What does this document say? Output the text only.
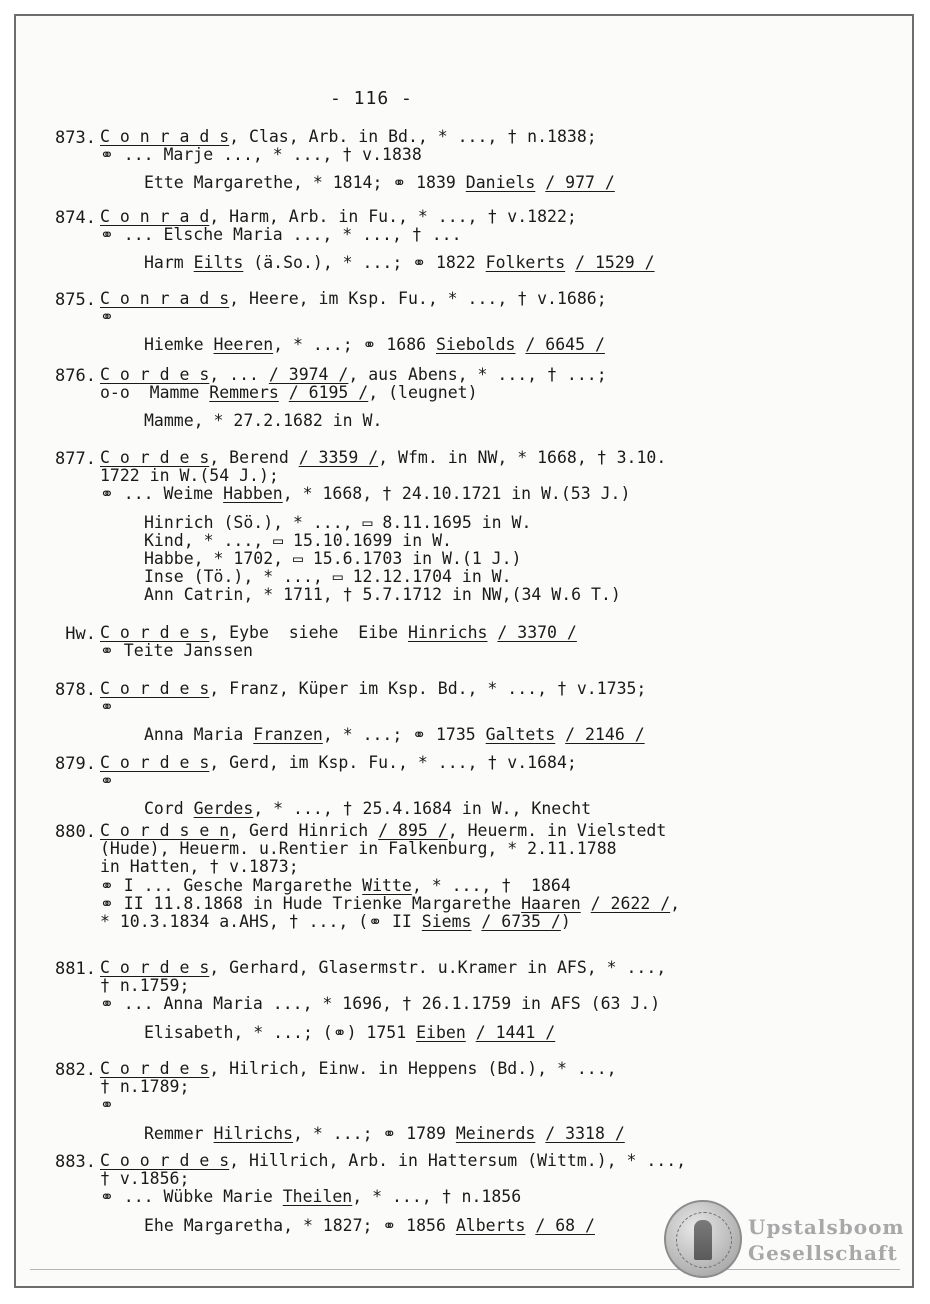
- 116 -
873. C o n r a d s, Clas, Arb. in Bd., * ..., † n.1838;
⚭ ... Marje ..., * ..., † v.1838
Ette Margarethe, * 1814; ⚭ 1839 Daniels / 977 /
874. C o n r a d, Harm, Arb. in Fu., * ..., † v.1822;
⚭ ... Elsche Maria ..., * ..., † ...
Harm Eilts (ä.So.), * ...; ⚭ 1822 Folkerts / 1529 /
875. C o n r a d s, Heere, im Ksp. Fu., * ..., † v.1686;
⚭
Hiemke Heeren, * ...; ⚭ 1686 Siebolds / 6645 /
876. C o r d e s, ... / 3974 /, aus Abens, * ..., † ...;
o-o  Mamme Remmers / 6195 /, (leugnet)
Mamme, * 27.2.1682 in W.
877. C o r d e s, Berend / 3359 /, Wfm. in NW, * 1668, † 3.10.
1722 in W.(54 J.);
⚭ ... Weime Habben, * 1668, † 24.10.1721 in W.(53 J.)
Hinrich (Sö.), * ..., ▭ 8.11.1695 in W.
Kind, * ..., ▭ 15.10.1699 in W.
Habbe, * 1702, ▭ 15.6.1703 in W.(1 J.)
Inse (Tö.), * ..., ▭ 12.12.1704 in W.
Ann Catrin, * 1711, † 5.7.1712 in NW,(34 W.6 T.)
Hw. C o r d e s, Eybe  siehe  Eibe Hinrichs / 3370 /
⚭ Teite Janssen
878. C o r d e s, Franz, Küper im Ksp. Bd., * ..., † v.1735;
⚭
Anna Maria Franzen, * ...; ⚭ 1735 Galtets / 2146 /
879. C o r d e s, Gerd, im Ksp. Fu., * ..., † v.1684;
⚭
Cord Gerdes, * ..., † 25.4.1684 in W., Knecht
880. C o r d s e n, Gerd Hinrich / 895 /, Heuerm. in Vielstedt
(Hude), Heuerm. u.Rentier in Falkenburg, * 2.11.1788
in Hatten, † v.1873;
⚭ I ... Gesche Margarethe Witte, * ..., †  1864
⚭ II 11.8.1868 in Hude Trienke Margarethe Haaren / 2622 /,
* 10.3.1834 a.AHS, † ..., (⚭ II Siems / 6735 /)
881. C o r d e s, Gerhard, Glasermstr. u.Kramer in AFS, * ...,
† n.1759;
⚭ ... Anna Maria ..., * 1696, † 26.1.1759 in AFS (63 J.)
Elisabeth, * ...; (⚭) 1751 Eiben / 1441 /
882. C o r d e s, Hilrich, Einw. in Heppens (Bd.), * ...,
† n.1789;
⚭
Remmer Hilrichs, * ...; ⚭ 1789 Meinerds / 3318 /
883. C o o r d e s, Hillrich, Arb. in Hattersum (Wittm.), * ...,
† v.1856;
⚭ ... Wübke Marie Theilen, * ..., † n.1856
Ehe Margaretha, * 1827; ⚭ 1856 Alberts / 68 /	Upstalsboom
Gesellschaft
